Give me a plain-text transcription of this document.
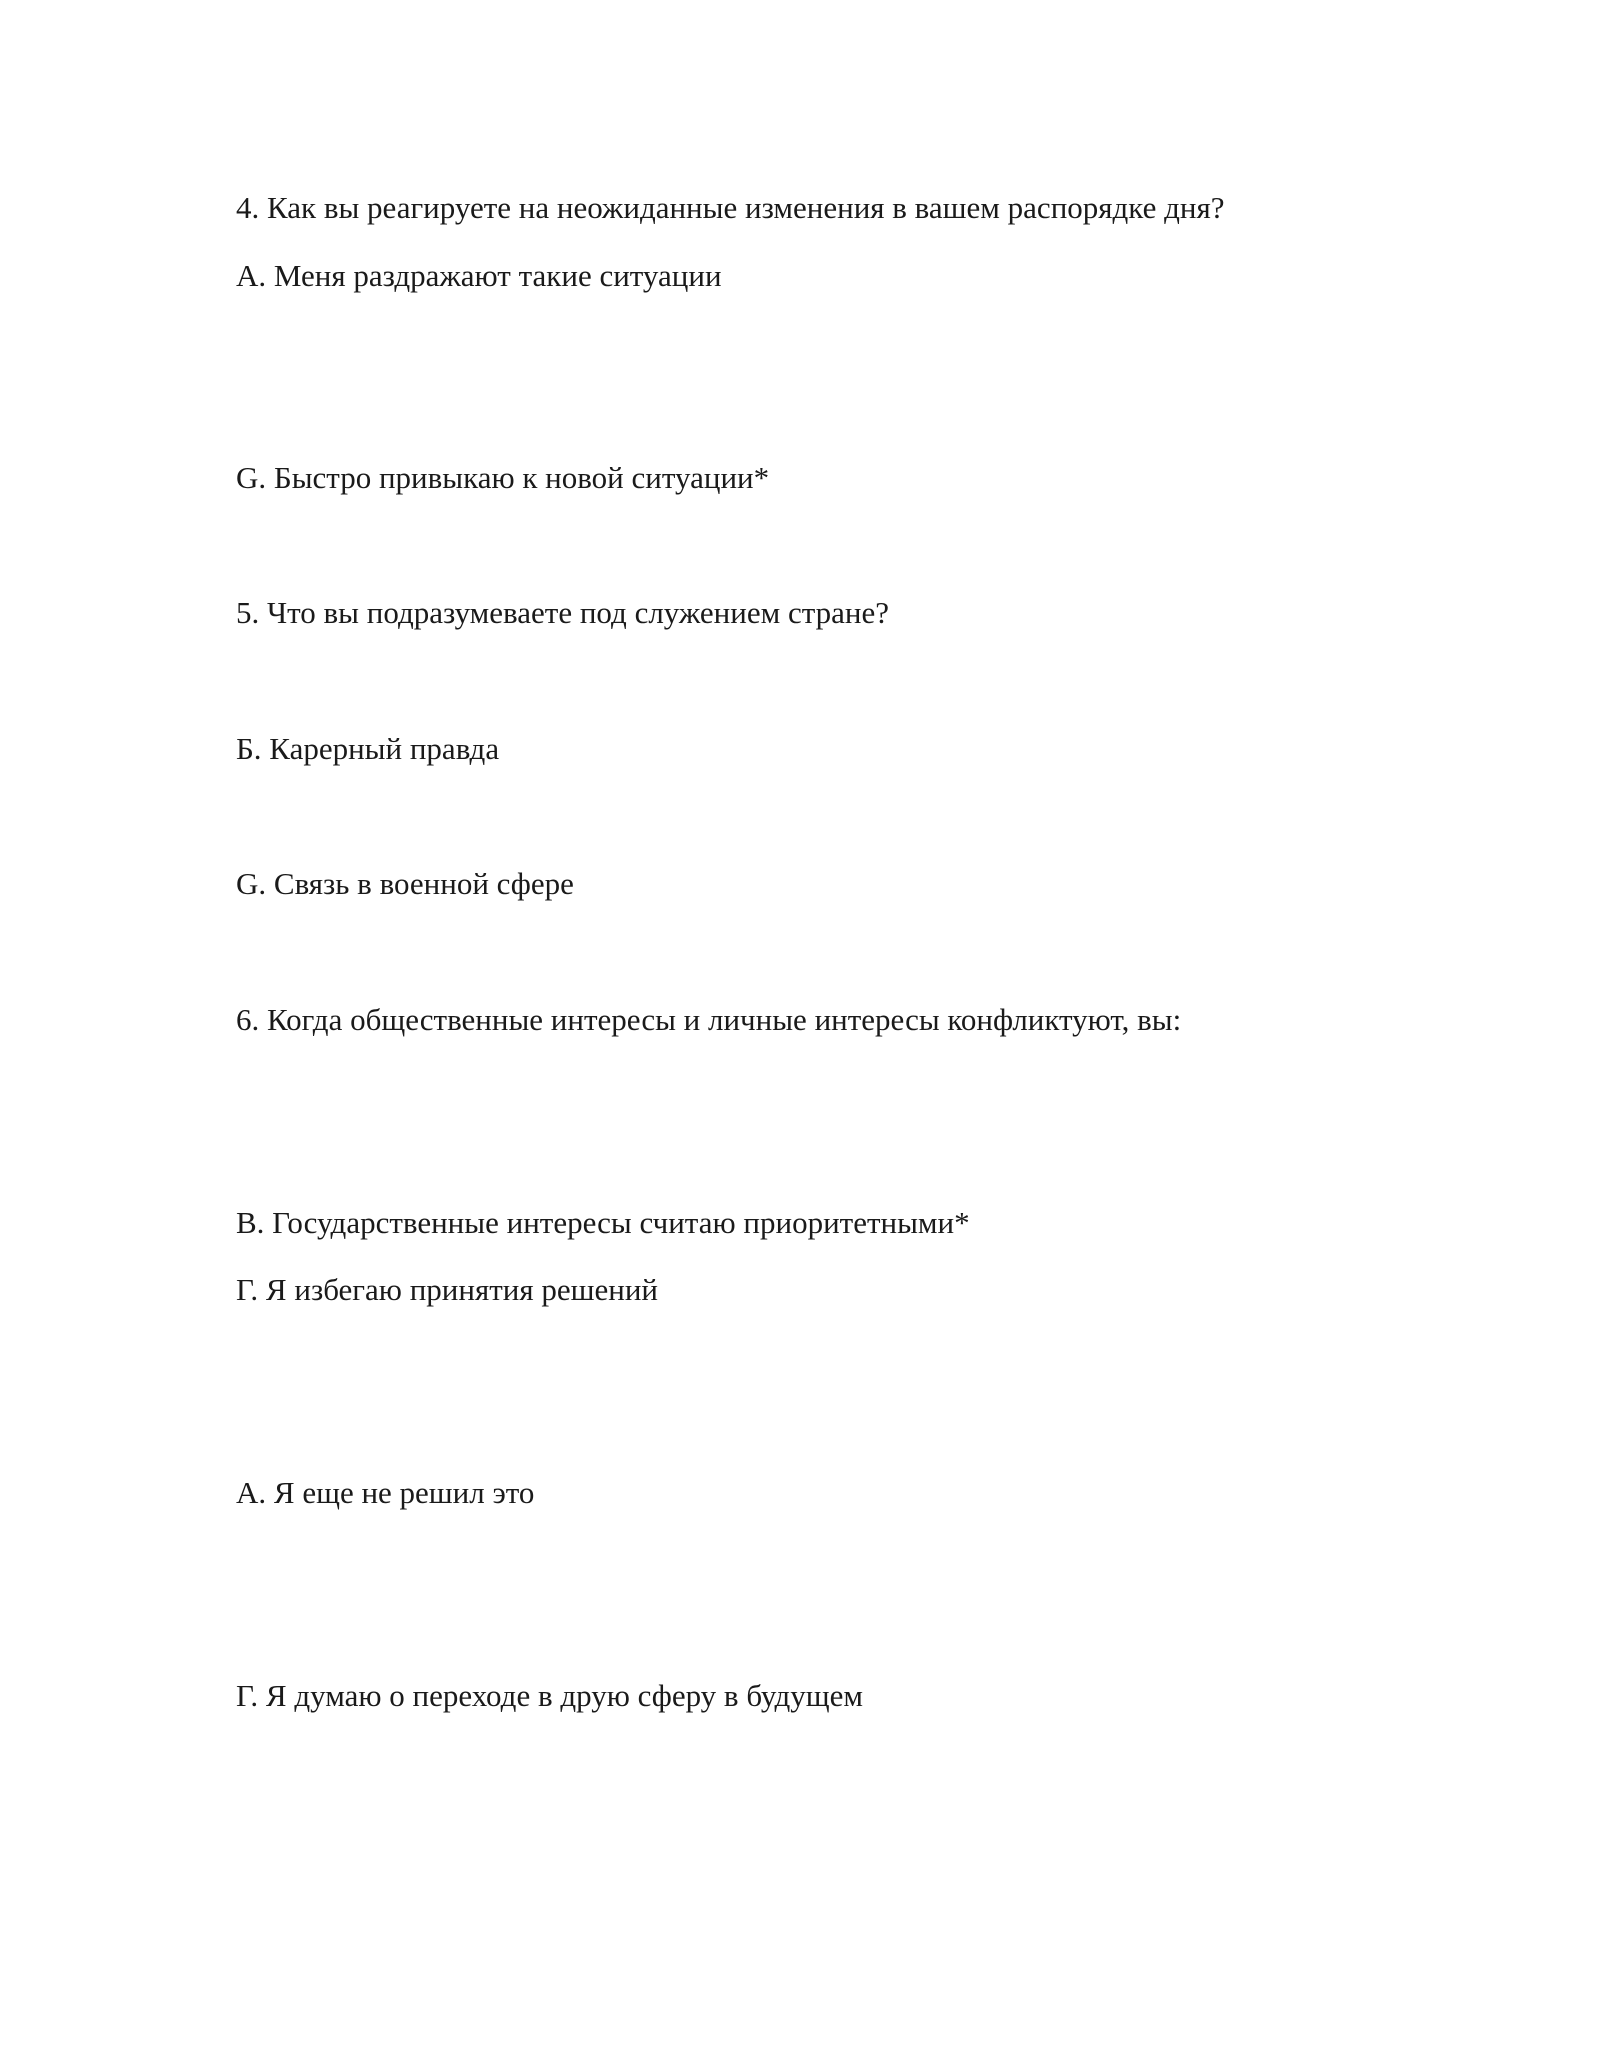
4. Как вы реагируете на неожиданные изменения в вашем распорядке дня?

А. Меня раздражают такие ситуации

G. Быстро привыкаю к новой ситуации*

5. Что вы подразумеваете под служением стране?

Б. Карерный правда

G. Связь в военной сфере

6. Когда общественные интересы и личные интересы конфликтуют, вы:

В. Государственные интересы считаю приоритетными*

Г. Я избегаю принятия решений

А. Я еще не решил это

Г. Я думаю о переходе в друю сферу в будущем
